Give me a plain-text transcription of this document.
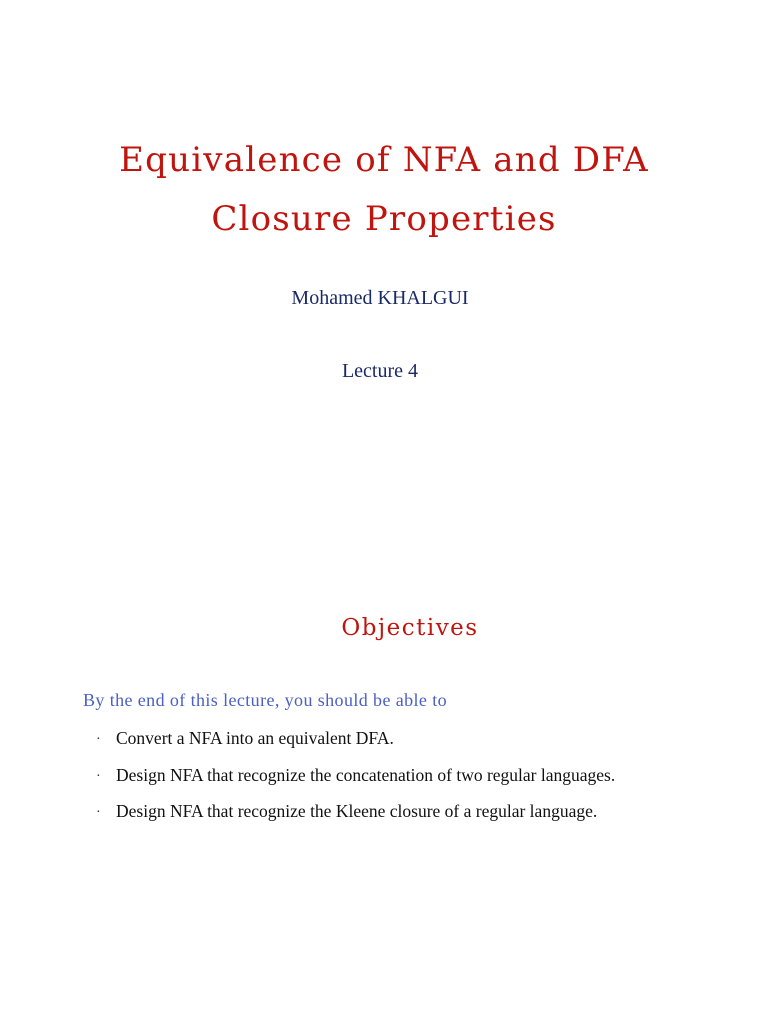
Equivalence of NFA and DFA
Closure Properties
Mohamed KHALGUI
Lecture 4
Objectives
By the end of this lecture, you should be able to
· Convert a NFA into an equivalent DFA.
· Design NFA that recognize the concatenation of two regular languages.
· Design NFA that recognize the Kleene closure of a regular language.
